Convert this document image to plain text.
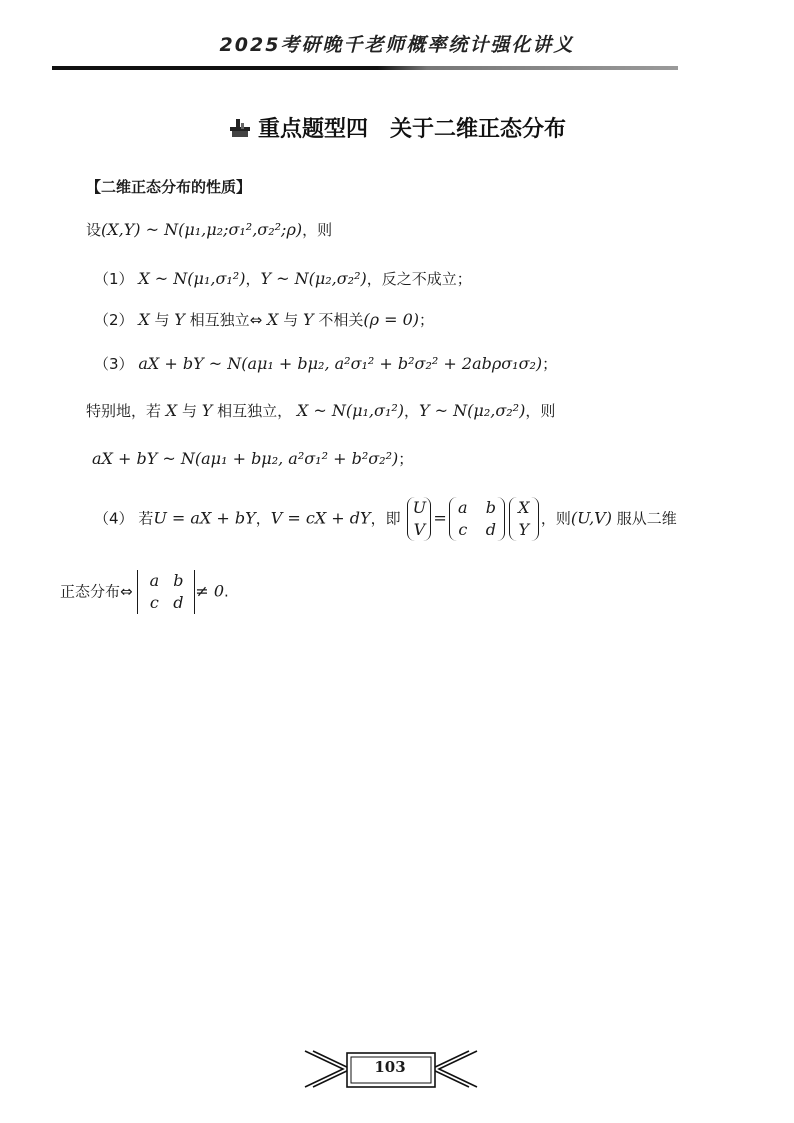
2025考研晚千老师概率统计强化讲义
重点题型四　关于二维正态分布
【二维正态分布的性质】
设(X,Y) ~ N(μ₁,μ₂;σ₁²,σ₂²;ρ)，则
（1） X ~ N(μ₁,σ₁²)，Y ~ N(μ₂,σ₂²)，反之不成立；
（2） X 与 Y 相互独立⇔ X 与 Y 不相关(ρ = 0)；
（3） aX + bY ~ N(aμ₁ + bμ₂, a²σ₁² + b²σ₂² + 2abρσ₁σ₂)；
特别地，若 X 与 Y 相互独立， X ~ N(μ₁,σ₁²)，Y ~ N(μ₂,σ₂²)，则
aX + bY ~ N(aμ₁ + bμ₂, a²σ₁² + b²σ₂²)；
（4） 若U = aX + bY，V = cX + dY，即
U
V
=
a	b
c	d
X
Y
，则(U,V) 服从二维
正态分布⇔
a b
c d
≠ 0.
103
